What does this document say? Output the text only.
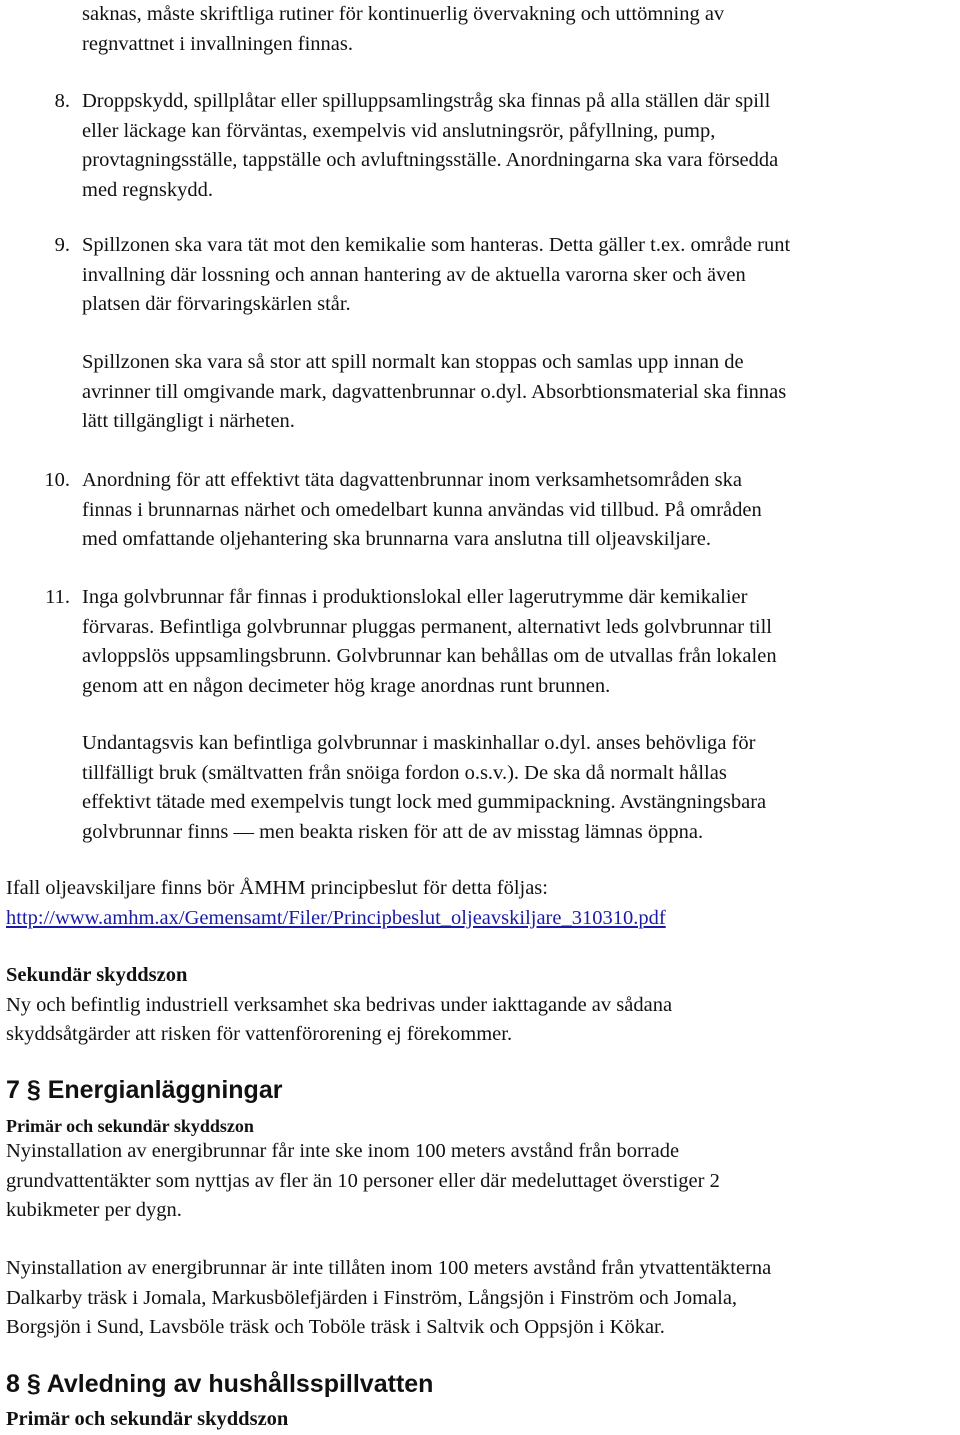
saknas, måste skriftliga rutiner för kontinuerlig övervakning och uttömning av
regnvattnet i invallningen finnas.
8. Droppskydd, spillplåtar eller spilluppsamlingstråg ska finnas på alla ställen där spill
eller läckage kan förväntas, exempelvis vid anslutningsrör, påfyllning, pump,
provtagningsställe, tappställe och avluftningsställe. Anordningarna ska vara försedda
med regnskydd.
9. Spillzonen ska vara tät mot den kemikalie som hanteras. Detta gäller t.ex. område runt
invallning där lossning och annan hantering av de aktuella varorna sker och även
platsen där förvaringskärlen står.
Spillzonen ska vara så stor att spill normalt kan stoppas och samlas upp innan de
avrinner till omgivande mark, dagvattenbrunnar o.dyl. Absorbtionsmaterial ska finnas
lätt tillgängligt i närheten.
10. Anordning för att effektivt täta dagvattenbrunnar inom verksamhetsområden ska
finnas i brunnarnas närhet och omedelbart kunna användas vid tillbud. På områden
med omfattande oljehantering ska brunnarna vara anslutna till oljeavskiljare.
11. Inga golvbrunnar får finnas i produktionslokal eller lagerutrymme där kemikalier
förvaras. Befintliga golvbrunnar pluggas permanent, alternativt leds golvbrunnar till
avloppslös uppsamlingsbrunn. Golvbrunnar kan behållas om de utvallas från lokalen
genom att en någon decimeter hög krage anordnas runt brunnen.
Undantagsvis kan befintliga golvbrunnar i maskinhallar o.dyl. anses behövliga för
tillfälligt bruk (smältvatten från snöiga fordon o.s.v.). De ska då normalt hållas
effektivt tätade med exempelvis tungt lock med gummipackning. Avstängningsbara
golvbrunnar finns — men beakta risken för att de av misstag lämnas öppna.
Ifall oljeavskiljare finns bör ÅMHM principbeslut för detta följas:
http://www.amhm.ax/Gemensamt/Filer/Principbeslut_oljeavskiljare_310310.pdf
Sekundär skyddszon
Ny och befintlig industriell verksamhet ska bedrivas under iakttagande av sådana
skyddsåtgärder att risken för vattenförorening ej förekommer.
7 § Energianläggningar
Primär och sekundär skyddszon
Nyinstallation av energibrunnar får inte ske inom 100 meters avstånd från borrade
grundvattentäkter som nyttjas av fler än 10 personer eller där medeluttaget överstiger 2
kubikmeter per dygn.
Nyinstallation av energibrunnar är inte tillåten inom 100 meters avstånd från ytvattentäkterna
Dalkarby träsk i Jomala, Markusbölefjärden i Finström, Långsjön i Finström och Jomala,
Borgsjön i Sund, Lavsböle träsk och Toböle träsk i Saltvik och Oppsjön i Kökar.
8 § Avledning av hushållsspillvatten
Primär och sekundär skyddszon
